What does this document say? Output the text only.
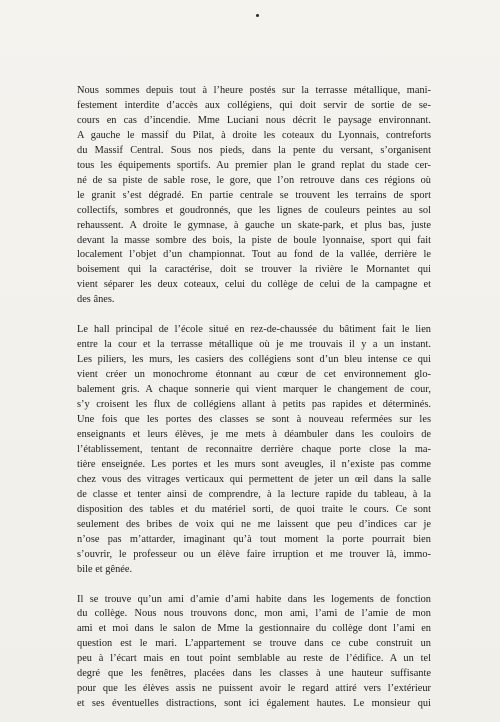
Nous sommes depuis tout à l’heure postés sur la terrasse métallique, mani-
festement interdite d’accès aux collégiens, qui doit servir de sortie de se-
cours en cas d’incendie. Mme Luciani nous décrit le paysage environnant.
A gauche le massif du Pilat, à droite les coteaux du Lyonnais, contreforts
du Massif Central. Sous nos pieds, dans la pente du versant, s’organisent
tous les équipements sportifs. Au premier plan le grand replat du stade cer-
né de sa piste de sable rose, le gore, que l’on retrouve dans ces régions où
le granit s’est dégradé. En partie centrale se trouvent les terrains de sport
collectifs, sombres et goudronnés, que les lignes de couleurs peintes au sol
rehaussent. A droite le gymnase, à gauche un skate-park, et plus bas, juste
devant la masse sombre des bois, la piste de boule lyonnaise, sport qui fait
localement l’objet d’un championnat. Tout au fond de la vallée, derrière le
boisement qui la caractérise, doit se trouver la rivière le Mornantet qui
vient séparer les deux coteaux, celui du collège de celui de la campagne et
des ânes.

Le hall principal de l’école situé en rez-de-chaussée du bâtiment fait le lien
entre la cour et la terrasse métallique où je me trouvais il y a un instant.
Les piliers, les murs, les casiers des collégiens sont d’un bleu intense ce qui
vient créer un monochrome étonnant au cœur de cet environnement glo-
balement gris. A chaque sonnerie qui vient marquer le changement de cour,
s’y croisent les flux de collégiens allant à petits pas rapides et déterminés.
Une fois que les portes des classes se sont à nouveau refermées sur les
enseignants et leurs élèves, je me mets à déambuler dans les couloirs de
l’établissement, tentant de reconnaitre derrière chaque porte close la ma-
tière enseignée. Les portes et les murs sont aveugles, il n’existe pas comme
chez vous des vitrages verticaux qui permettent de jeter un œil dans la salle
de classe et tenter ainsi de comprendre, à la lecture rapide du tableau, à la
disposition des tables et du matériel sorti, de quoi traite le cours. Ce sont
seulement des bribes de voix qui ne me laissent que peu d’indices car je
n’ose pas m’attarder, imaginant qu’à tout moment la porte pourrait bien
s’ouvrir, le professeur ou un élève faire irruption et me trouver là, immo-
bile et gênée.

Il se trouve qu’un ami d’amie d’ami habite dans les logements de fonction
du collège. Nous nous trouvons donc, mon ami, l’ami de l’amie de mon
ami et moi dans le salon de Mme la gestionnaire du collège dont l’ami en
question est le mari. L’appartement se trouve dans ce cube construit un
peu à l’écart mais en tout point semblable au reste de l’édifice. A un tel
degré que les fenêtres, placées dans les classes à une hauteur suffisante
pour que les élèves assis ne puissent avoir le regard attiré vers l’extérieur
et ses éventuelles distractions, sont ici également hautes. Le monsieur qui
